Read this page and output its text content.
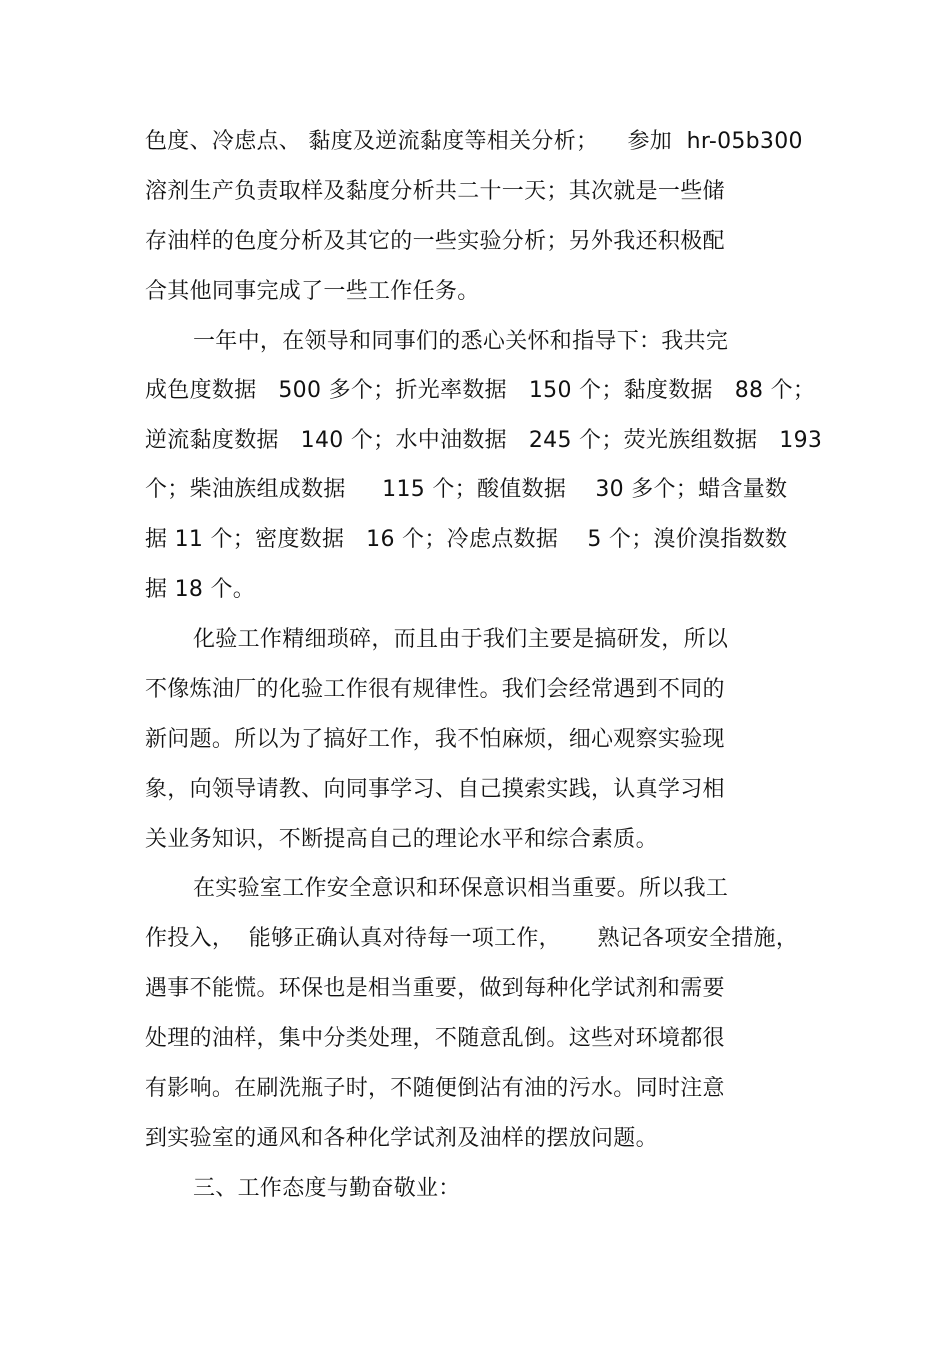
色度、冷虑点、 黏度及逆流黏度等相关分析；    参加  hr-05b300
溶剂生产负责取样及黏度分析共二十一天；其次就是一些储
存油样的色度分析及其它的一些实验分析；另外我还积极配
合其他同事完成了一些工作任务。
一年中，在领导和同事们的悉心关怀和指导下：我共完
成色度数据   500 多个；折光率数据   150 个；黏度数据   88 个；
逆流黏度数据   140 个；水中油数据   245 个；荧光族组数据   193
个；柴油族组成数据     115 个；酸值数据    30 多个；蜡含量数
据 11 个；密度数据   16 个；冷虑点数据    5 个；溴价溴指数数
据 18 个。
化验工作精细琐碎，而且由于我们主要是搞研发，所以
不像炼油厂的化验工作很有规律性。我们会经常遇到不同的
新问题。所以为了搞好工作，我不怕麻烦，细心观察实验现
象，向领导请教、向同事学习、自己摸索实践，认真学习相
关业务知识，不断提高自己的理论水平和综合素质。
在实验室工作安全意识和环保意识相当重要。所以我工
作投入，  能够正确认真对待每一项工作，     熟记各项安全措施，
遇事不能慌。环保也是相当重要，做到每种化学试剂和需要
处理的油样，集中分类处理，不随意乱倒。这些对环境都很
有影响。在刷洗瓶子时，不随便倒沾有油的污水。同时注意
到实验室的通风和各种化学试剂及油样的摆放问题。
三、工作态度与勤奋敬业：
